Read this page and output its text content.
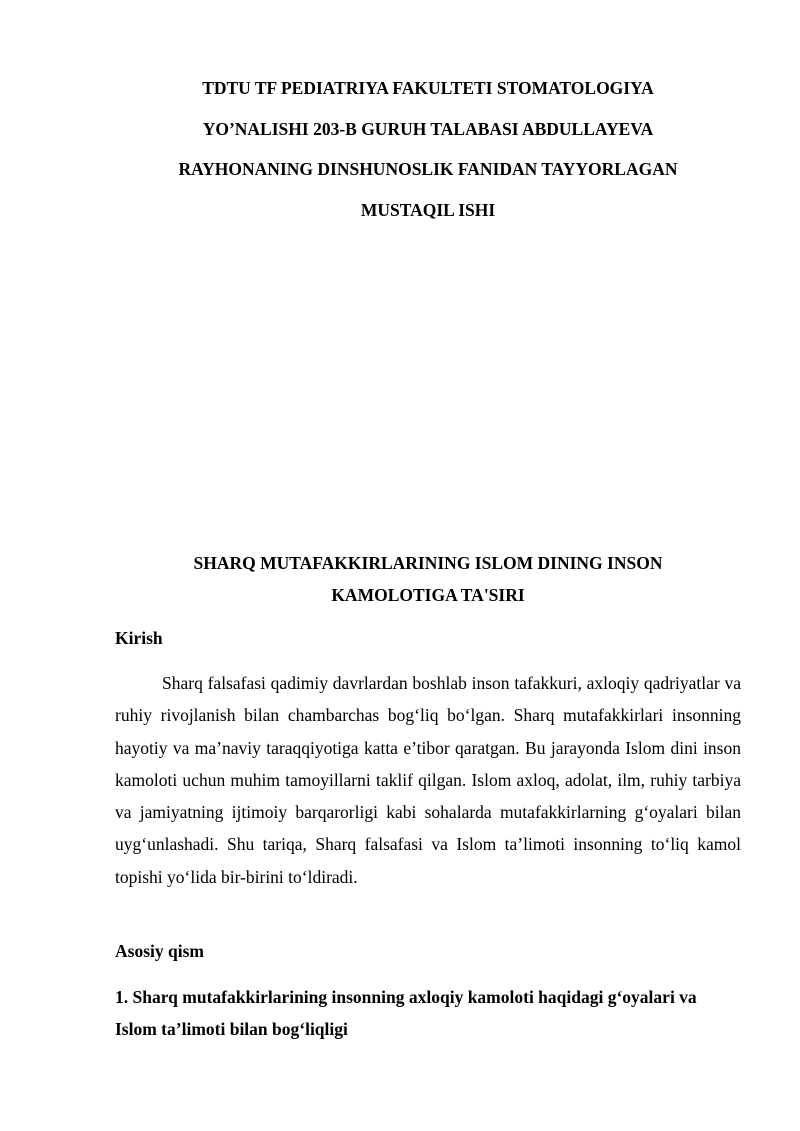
TDTU TF PEDIATRIYA FAKULTETI STOMATOLOGIYA
YO’NALISHI 203-B GURUH TALABASI ABDULLAYEVA
RAYHONANING DINSHUNOSLIK FANIDAN TAYYORLAGAN
MUSTAQIL ISHI
SHARQ MUTAFAKKIRLARINING ISLOM DINING INSON
KAMOLOTIGA TA'SIRI
Kirish

Sharq falsafasi qadimiy davrlardan boshlab inson tafakkuri, axloqiy qadriyatlar va ruhiy rivojlanish bilan chambarchas bog‘liq bo‘lgan. Sharq mutafakkirlari insonning hayotiy va ma’naviy taraqqiyotiga katta e’tibor qaratgan. Bu jarayonda Islom dini inson kamoloti uchun muhim tamoyillarni taklif qilgan. Islom axloq, adolat, ilm, ruhiy tarbiya va jamiyatning ijtimoiy barqarorligi kabi sohalarda mutafakkirlarning g‘oyalari bilan uyg‘unlashadi. Shu tariqa, Sharq falsafasi va Islom ta’limoti insonning to‘liq kamol topishi yo‘lida bir-birini to‘ldiradi.

Asosiy qism
1. Sharq mutafakkirlarining insonning axloqiy kamoloti haqidagi g‘oyalari va Islom ta’limoti bilan bog‘liqligi
